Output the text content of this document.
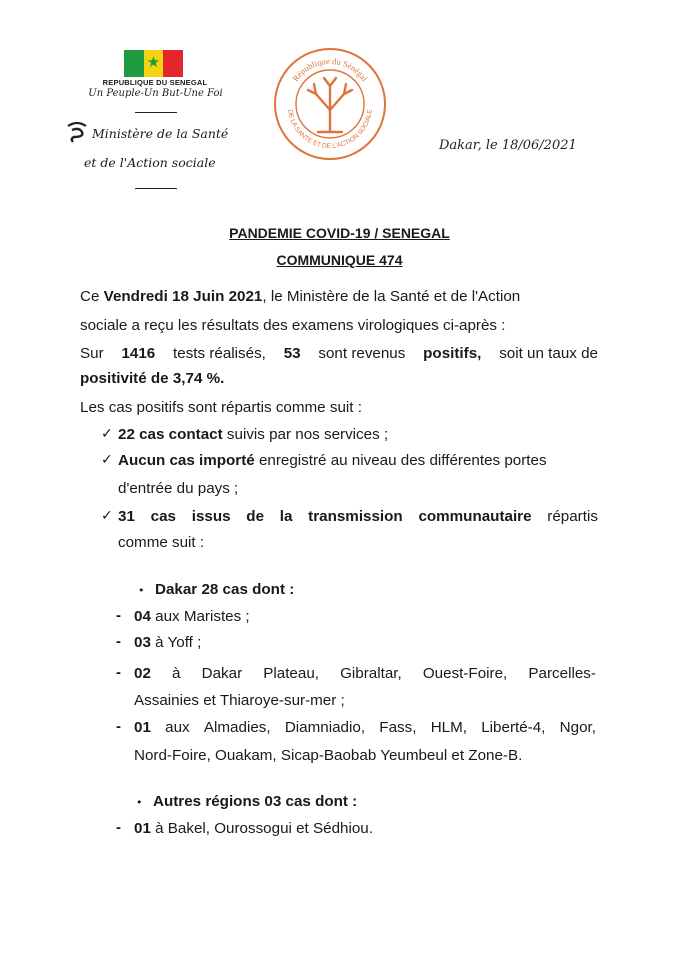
★
REPUBLIQUE DU SENEGAL
Un Peuple-Un But-Une Foi
Ministère de la Santé
et de l'Action sociale
République du Sénégal
DE LA SANTE ET DE L'ACTION SOCIALE
Dakar, le 18/06/2021
PANDEMIE COVID-19 / SENEGAL
COMMUNIQUE 474
Ce Vendredi 18 Juin 2021, le Ministère de la Santé et de l'Action
sociale a reçu les résultats des examens virologiques ci-après :
Sur 1416 tests réalisés, 53 sont revenus positifs, soit un taux de
positivité de 3,74 %.
Les cas positifs sont répartis comme suit :
✓ 22 cas contact suivis par nos services ;
✓ Aucun cas importé enregistré au niveau des différentes portes
d'entrée du pays ;
✓ 31 cas issus de la transmission communautaire répartis
comme suit :
• Dakar 28 cas dont :
- 04 aux Maristes ;
- 03 à Yoff ;
- 02 à Dakar Plateau, Gibraltar, Ouest-Foire, Parcelles-
Assainies et Thiaroye-sur-mer ;
- 01 aux Almadies, Diamniadio, Fass, HLM, Liberté-4, Ngor,
Nord-Foire, Ouakam, Sicap-Baobab Yeumbeul et Zone-B.
• Autres régions 03 cas dont :
- 01 à Bakel, Ourossogui et Sédhiou.
